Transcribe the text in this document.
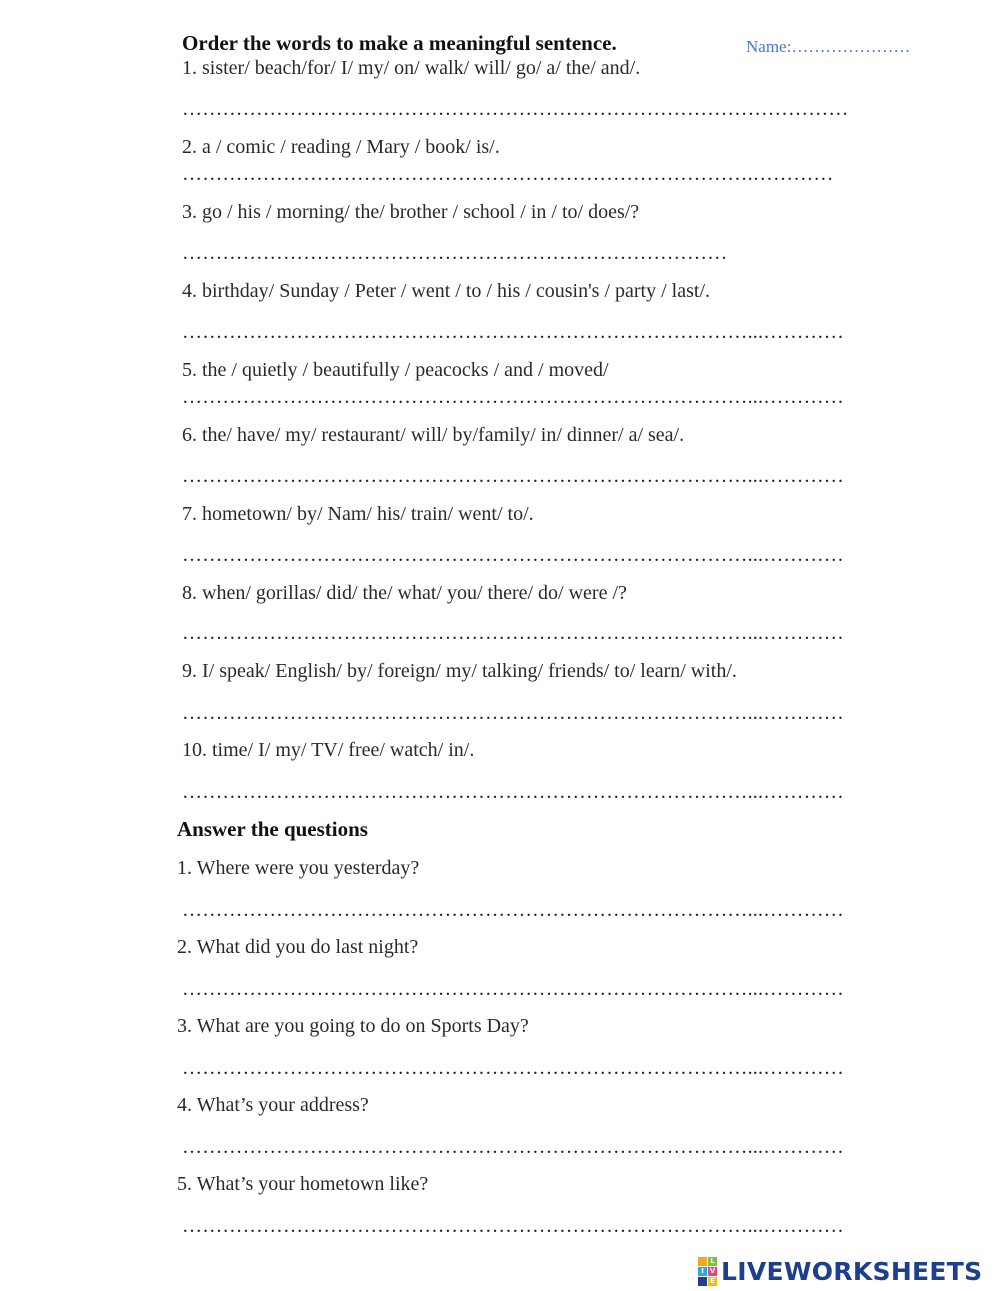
Order the words to make a meaningful sentence.	Name:…………………
1. sister/ beach/for/ I/ my/ on/ walk/ will/ go/ a/ the/ and/.
………………………………………………………………………………………
2. a / comic / reading / Mary / book/ is/.
………………………………………………………………………….…………
3. go / his / morning/ the/ brother / school / in / to/ does/?
………………………………………………………………………
4. birthday/ Sunday / Peter / went / to / his / cousin's / party / last/.
…………………………………………………………………………...…………
5. the / quietly / beautifully / peacocks / and / moved/
…………………………………………………………………………...…………
6. the/ have/ my/ restaurant/ will/ by/family/ in/ dinner/ a/ sea/.
…………………………………………………………………………...…………
7. hometown/ by/ Nam/ his/ train/ went/ to/.
…………………………………………………………………………...…………
8. when/ gorillas/ did/ the/ what/ you/ there/ do/ were /?
…………………………………………………………………………...…………
9. I/ speak/ English/ by/ foreign/ my/ talking/ friends/ to/ learn/ with/.
…………………………………………………………………………...…………
10. time/ I/ my/ TV/ free/ watch/ in/.
…………………………………………………………………………...…………
Answer the questions
1. Where were you yesterday?
…………………………………………………………………………...…………
2. What did you do last night?
…………………………………………………………………………...…………
3. What are you going to do on Sports Day?
…………………………………………………………………………...…………
4. What’s your address?
…………………………………………………………………………...…………
5. What’s your hometown like?
…………………………………………………………………………...…………
L
I V
E LIVEWORKSHEETS
